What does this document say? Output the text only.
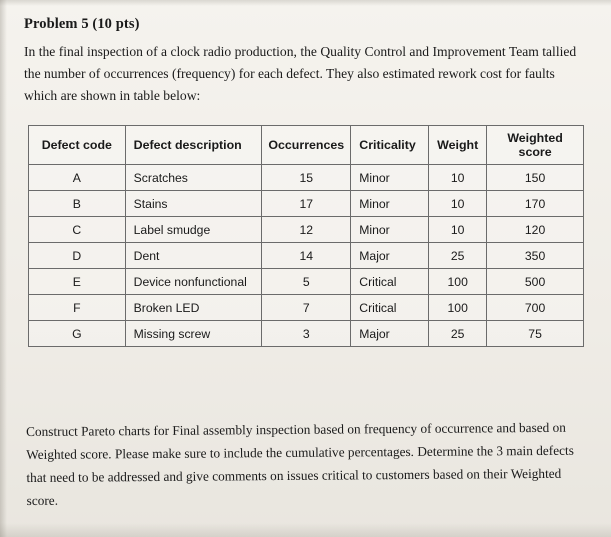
Problem 5 (10 pts)

In the final inspection of a clock radio production, the Quality Control and Improvement Team tallied the number of occurrences (frequency) for each defect. They also estimated rework cost for faults which are shown in table below:

Defect code	Defect description	Occurrences	Criticality	Weight	Weighted score
A	Scratches	15	Minor	10	150
B	Stains	17	Minor	10	170
C	Label smudge	12	Minor	10	120
D	Dent	14	Major	25	350
E	Device nonfunctional	5	Critical	100	500
F	Broken LED	7	Critical	100	700
G	Missing screw	3	Major	25	75

Construct Pareto charts for Final assembly inspection based on frequency of occurrence and based on Weighted score. Please make sure to include the cumulative percentages. Determine the 3 main defects that need to be addressed and give comments on issues critical to customers based on their Weighted score.
